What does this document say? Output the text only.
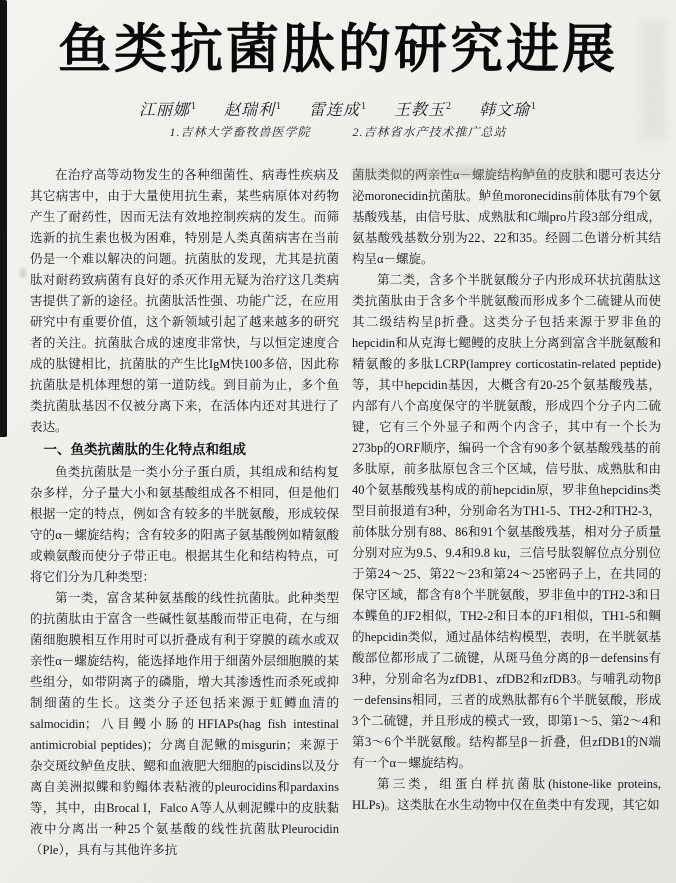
鱼类抗菌肽的研究进展
江丽娜$^1$ 赵瑞利$^1$ 雷连成$^1$ 王教玉$^2$ 韩文瑜$^1$
1.吉林大学畜牧兽医学院	2.吉林省水产技术推广总站

在治疗高等动物发生的各种细菌性、病毒性疾病及其它病害中，由于大量使用抗生素，某些病原体对药物产生了耐药性，因而无法有效地控制疾病的发生。而筛选新的抗生素也极为困难，特别是人类真菌病害在当前仍是一个难以解决的问题。抗菌肽的发现，尤其是抗菌肽对耐药致病菌有良好的杀灭作用无疑为治疗这几类病害提供了新的途径。抗菌肽活性强、功能广泛，在应用研究中有重要价值，这个新领域引起了越来越多的研究者的关注。抗菌肽合成的速度非常快，与以恒定速度合成的肽键相比，抗菌肽的产生比IgM快100多倍，因此称抗菌肽是机体理想的第一道防线。到目前为止，多个鱼类抗菌肽基因不仅被分离下来，在活体内还对其进行了表达。

一、鱼类抗菌肽的生化特点和组成

鱼类抗菌肽是一类小分子蛋白质，其组成和结构复杂多样，分子量大小和氨基酸组成各不相同，但是他们根据一定的特点，例如含有较多的半胱氨酸，形成较保守的α－螺旋结构；含有较多的阳离子氨基酸例如精氨酸或赖氨酸而使分子带正电。根据其生化和结构特点，可将它们分为几种类型：

第一类，富含某种氨基酸的线性抗菌肽。此种类型的抗菌肽由于富含一些碱性氨基酸而带正电荷，在与细菌细胞膜相互作用时可以折叠成有利于穿膜的疏水或双亲性α－螺旋结构，能选择地作用于细菌外层细胞膜的某些组分，如带阴离子的磷脂，增大其渗透性而杀死或抑制细菌的生长。这类分子还包括来源于虹鳟血清的salmocidin；八目鳗小肠的HFIAPs(hag fish intestinal antimicrobial peptides)；分离自泥鳅的misgurin；来源于杂交斑纹鲈鱼皮肤、鳃和血液肥大细胞的piscidins以及分离自美洲拟鲽和豹鳎体表粘液的pleurocidins和pardaxins等，其中，由Brocal I，Falco A等人从刺泥鲽中的皮肤黏液中分离出一种25个氨基酸的线性抗菌肽Pleurocidin（Ple），具有与其他许多抗

菌肽类似的两亲性α－螺旋结构鲈鱼的皮肤和腮可表达分泌moronecidin抗菌肽。鲈鱼moronecidins前体肽有79个氨基酸残基，由信号肽、成熟肽和C端pro片段3部分组成，氨基酸残基数分别为22、22和35。经圆二色谱分析其结构呈α－螺旋。

第二类，含多个半胱氨酸分子内形成环状抗菌肽这类抗菌肽由于含多个半胱氨酸而形成多个二硫键从而使其二级结构呈β折叠。这类分子包括来源于罗非鱼的hepcidin和从克海七鳃鳗的皮肤上分离到富含半胱氨酸和精氨酸的多肽LCRP(lamprey corticostatin-related peptide)等，其中hepcidin基因，大概含有20-25个氨基酸残基，内部有八个高度保守的半胱氨酸，形成四个分子内二硫键，它有三个外显子和两个内含子，其中有一个长为273bp的ORF顺序，编码一个含有90多个氨基酸残基的前多肽原，前多肽原包含三个区域，信号肽、成熟肽和由40个氨基酸残基构成的前hepcidin原，罗非鱼hepcidins类型目前报道有3种，分别命名为TH1-5、TH2-2和TH2-3，前体肽分别有88、86和91个氨基酸残基，相对分子质量分别对应为9.5、9.4和9.8 ku，三信号肽裂解位点分别位于第24～25、第22～23和第24～25密码子上，在共同的保守区域，都含有8个半胱氨酸，罗非鱼中的TH2-3和日本鲽鱼的JF2相似，TH2-2和日本的JF1相似，TH1-5和鲷的hepcidin类似，通过晶体结构模型，表明，在半胱氨基酸部位都形成了二硫键，从斑马鱼分离的β－defensins有3种，分别命名为zfDB1、zfDB2和zfDB3。与哺乳动物β－defensins相同，三者的成熟肽都有6个半胱氨酸，形成3个二硫键，并且形成的模式一致，即第1～5、第2～4和第3～6个半胱氨酸。结构都呈β－折叠，但zfDB1的N端有一个α－螺旋结构。

第三类，组蛋白样抗菌肽(histone-like proteins, HLPs)。这类肽在水生动物中仅在鱼类中有发现，其它如
